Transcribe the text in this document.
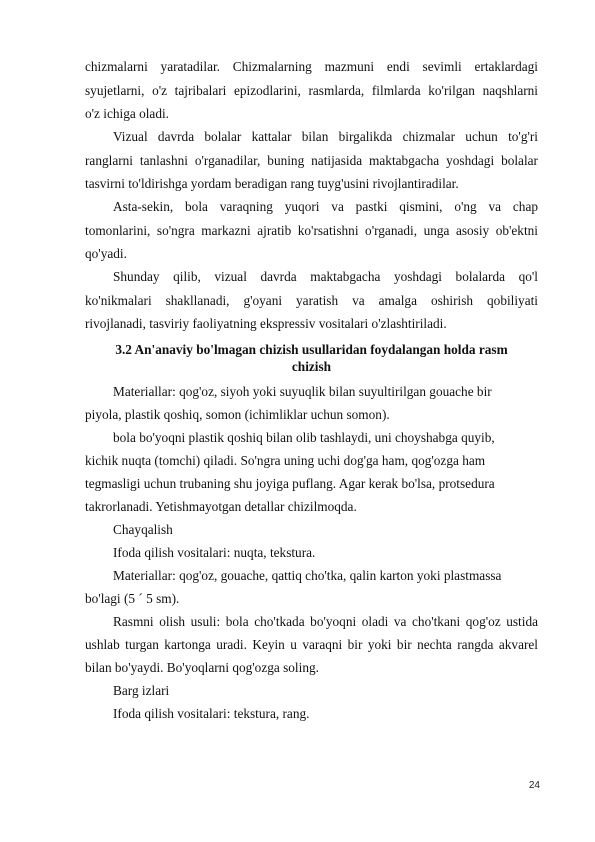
chizmalarni yaratadilar. Chizmalarning mazmuni endi sevimli ertaklardagi
syujetlarni, o'z tajribalari epizodlarini, rasmlarda, filmlarda ko'rilgan naqshlarni
o'z ichiga oladi.
Vizual davrda bolalar kattalar bilan birgalikda chizmalar uchun to'g'ri
ranglarni tanlashni o'rganadilar, buning natijasida maktabgacha yoshdagi bolalar
tasvirni to'ldirishga yordam beradigan rang tuyg'usini rivojlantiradilar.
Asta-sekin, bola varaqning yuqori va pastki qismini, o'ng va chap
tomonlarini, so'ngra markazni ajratib ko'rsatishni o'rganadi, unga asosiy ob'ektni
qo'yadi.
Shunday qilib, vizual davrda maktabgacha yoshdagi bolalarda qo'l
ko'nikmalari shakllanadi, g'oyani yaratish va amalga oshirish qobiliyati
rivojlanadi, tasviriy faoliyatning ekspressiv vositalari o'zlashtiriladi.
3.2 An'anaviy bo'lmagan chizish usullaridan foydalangan holda rasm
chizish
Materiallar: qog'oz, siyoh yoki suyuqlik bilan suyultirilgan gouache bir
piyola, plastik qoshiq, somon (ichimliklar uchun somon).
bola bo'yoqni plastik qoshiq bilan olib tashlaydi, uni choyshabga quyib,
kichik nuqta (tomchi) qiladi. So'ngra uning uchi dog'ga ham, qog'ozga ham
tegmasligi uchun trubaning shu joyiga puflang. Agar kerak bo'lsa, protsedura
takrorlanadi. Yetishmayotgan detallar chizilmoqda.
Chayqalish
Ifoda qilish vositalari: nuqta, tekstura.
Materiallar: qog'oz, gouache, qattiq cho'tka, qalin karton yoki plastmassa
bo'lagi (5 ´ 5 sm).
Rasmni olish usuli: bola cho'tkada bo'yoqni oladi va cho'tkani qog'oz ustida
ushlab turgan kartonga uradi. Keyin u varaqni bir yoki bir nechta rangda akvarel
bilan bo'yaydi. Bo'yoqlarni qog'ozga soling.
Barg izlari
Ifoda qilish vositalari: tekstura, rang.
24
